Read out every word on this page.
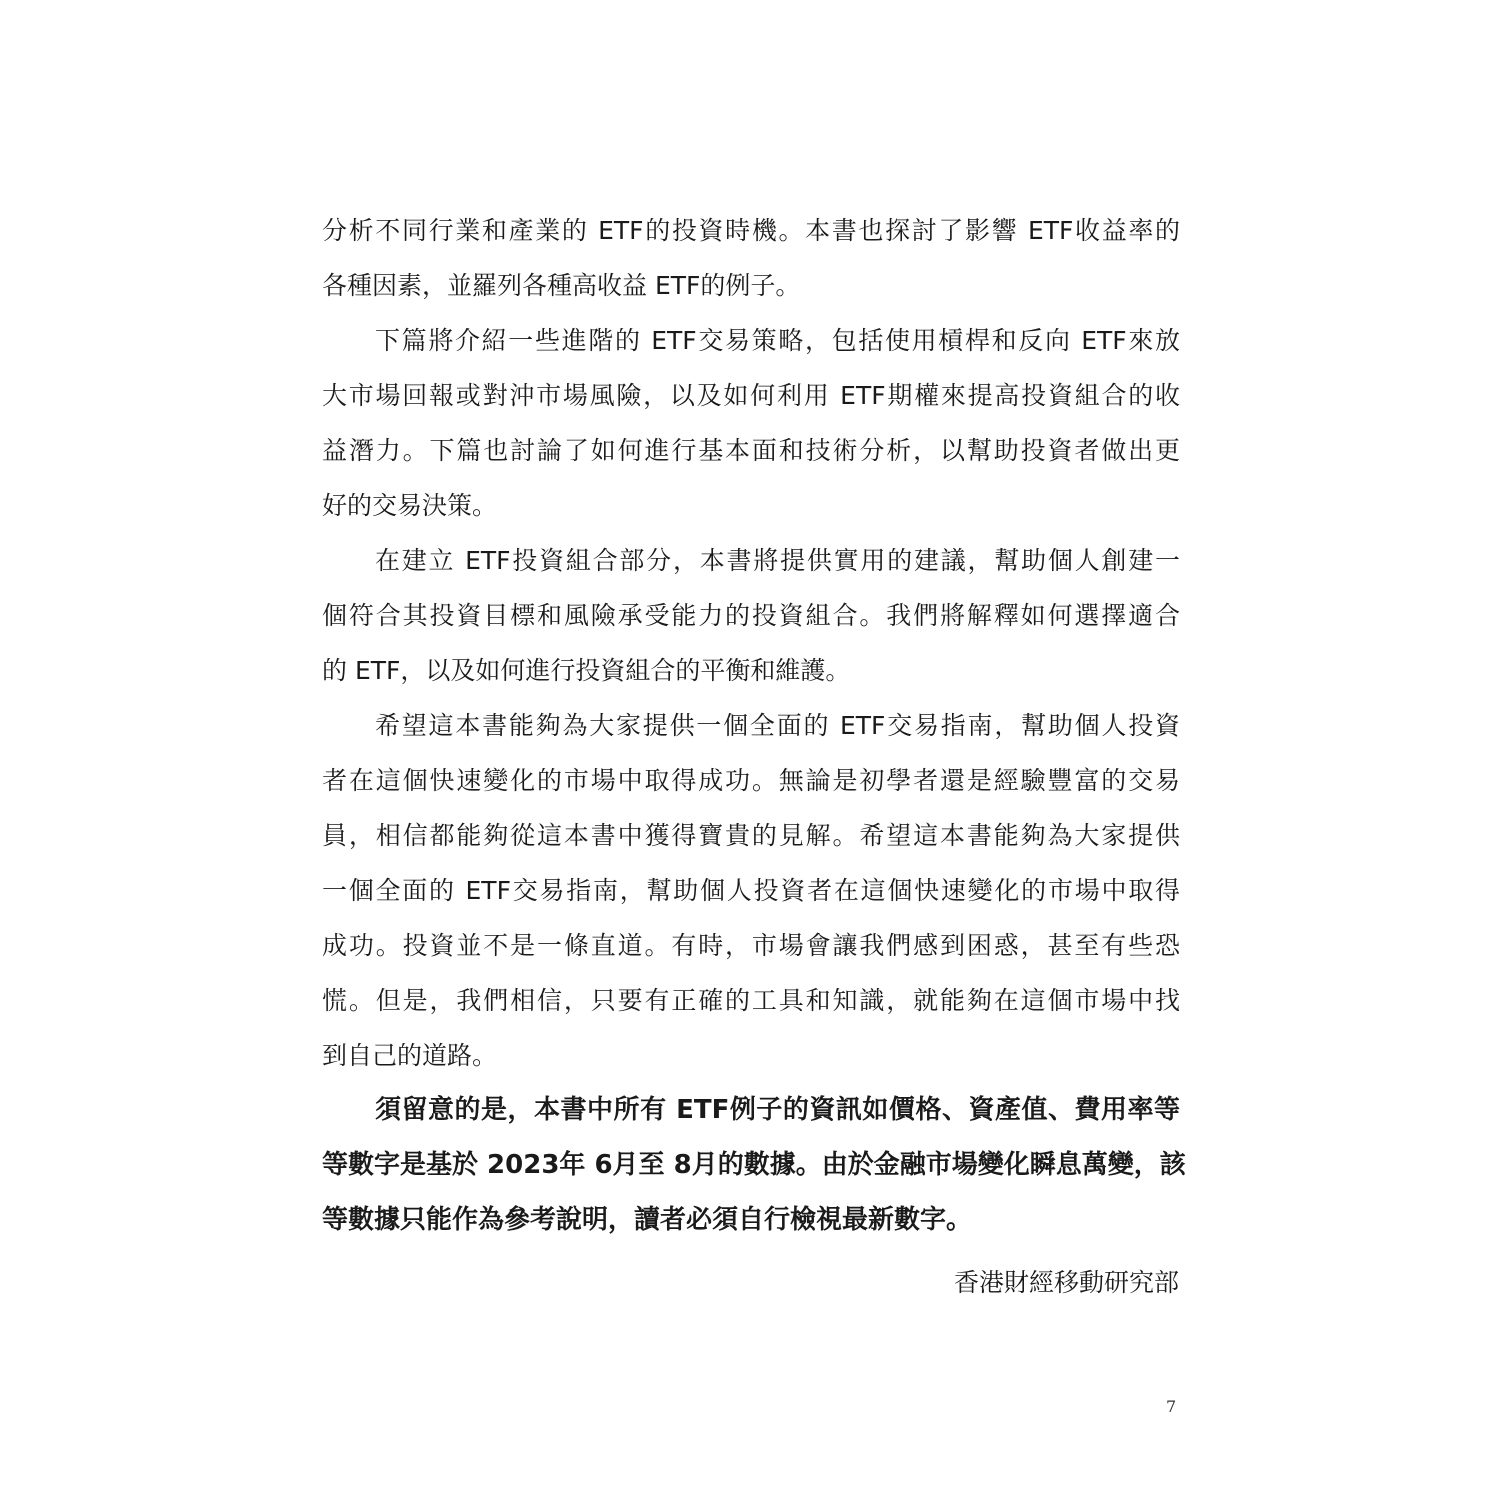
分析不同行業和產業的 ETF的投資時機。本書也探討了影響 ETF收益率的
各種因素，並羅列各種高收益 ETF的例子。
下篇將介紹一些進階的 ETF交易策略，包括使用槓桿和反向 ETF來放
大市場回報或對沖市場風險，以及如何利用 ETF期權來提高投資組合的收
益潛力。下篇也討論了如何進行基本面和技術分析，以幫助投資者做出更
好的交易決策。
在建立 ETF投資組合部分，本書將提供實用的建議，幫助個人創建一
個符合其投資目標和風險承受能力的投資組合。我們將解釋如何選擇適合
的 ETF，以及如何進行投資組合的平衡和維護。
希望這本書能夠為大家提供一個全面的 ETF交易指南，幫助個人投資
者在這個快速變化的市場中取得成功。無論是初學者還是經驗豐富的交易
員，相信都能夠從這本書中獲得寶貴的見解。希望這本書能夠為大家提供
一個全面的 ETF交易指南，幫助個人投資者在這個快速變化的市場中取得
成功。投資並不是一條直道。有時，市場會讓我們感到困惑，甚至有些恐
慌。但是，我們相信，只要有正確的工具和知識，就能夠在這個市場中找
到自己的道路。
須留意的是，本書中所有 ETF例子的資訊如價格、資產值、費用率等
等數字是基於 2023年 6月至 8月的數據。由於金融市場變化瞬息萬變，該
等數據只能作為參考說明，讀者必須自行檢視最新數字。
香港財經移動研究部
7
